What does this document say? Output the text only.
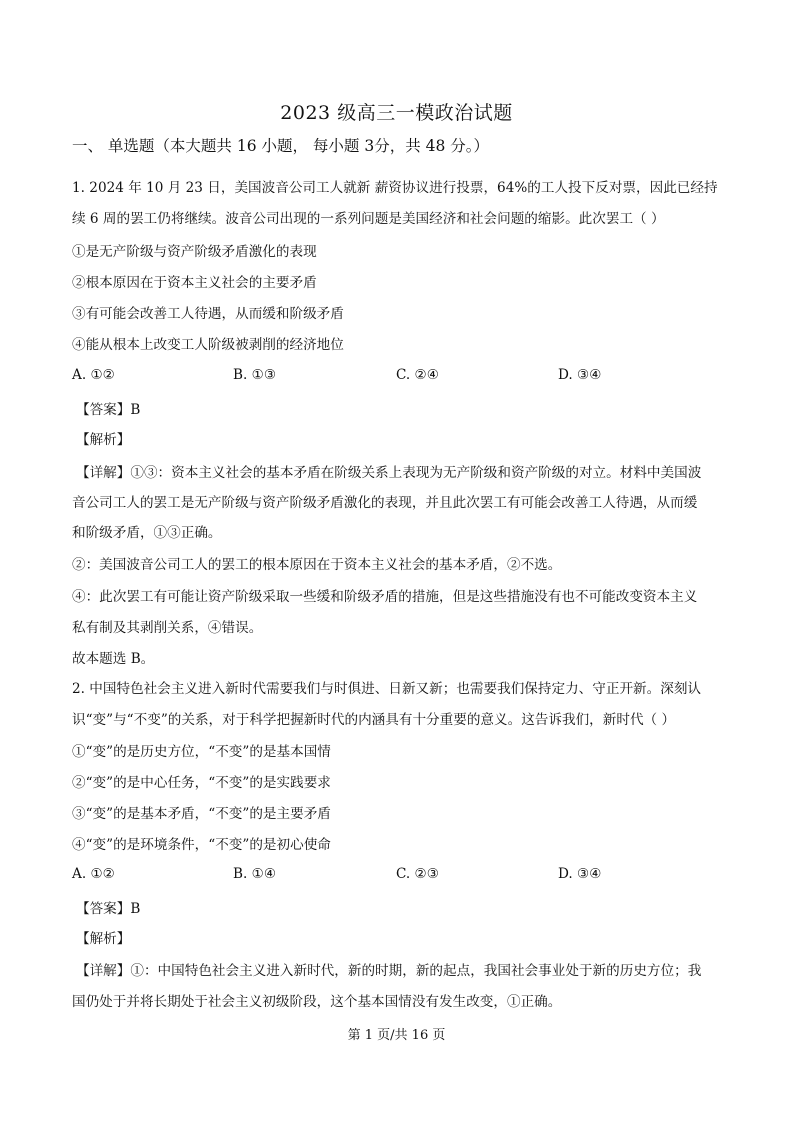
2023 级高三一模政治试题
一、 单选题（本大题共 16 小题， 每小题 3分，共 48 分。）
1. 2024 年 10 月 23 日，美国波音公司工人就新 薪资协议进行投票，64%的工人投下反对票，因此已经持
续 6 周的罢工仍将继续。波音公司出现的一系列问题是美国经济和社会问题的缩影。此次罢工（ ）
①是无产阶级与资产阶级矛盾激化的表现
②根本原因在于资本主义社会的主要矛盾
③有可能会改善工人待遇，从而缓和阶级矛盾
④能从根本上改变工人阶级被剥削的经济地位
A. ①②	B. ①③	C. ②④	D. ③④
【答案】B
【解析】
【详解】①③：资本主义社会的基本矛盾在阶级关系上表现为无产阶级和资产阶级的对立。材料中美国波
音公司工人的罢工是无产阶级与资产阶级矛盾激化的表现，并且此次罢工有可能会改善工人待遇，从而缓
和阶级矛盾，①③正确。
②：美国波音公司工人的罢工的根本原因在于资本主义社会的基本矛盾，②不选。
④：此次罢工有可能让资产阶级采取一些缓和阶级矛盾的措施，但是这些措施没有也不可能改变资本主义
私有制及其剥削关系，④错误。
故本题选 B。
2. 中国特色社会主义进入新时代需要我们与时俱进、日新又新；也需要我们保持定力、守正开新。深刻认
识“变”与“不变”的关系，对于科学把握新时代的内涵具有十分重要的意义。这告诉我们，新时代（ ）
①“变”的是历史方位，“不变”的是基本国情
②“变”的是中心任务，“不变”的是实践要求
③“变”的是基本矛盾，“不变”的是主要矛盾
④“变”的是环境条件，“不变”的是初心使命
A. ①②	B. ①④	C. ②③	D. ③④
【答案】B
【解析】
【详解】①：中国特色社会主义进入新时代，新的时期，新的起点，我国社会事业处于新的历史方位；我
国仍处于并将长期处于社会主义初级阶段，这个基本国情没有发生改变，①正确。
第 1 页/共 16 页
